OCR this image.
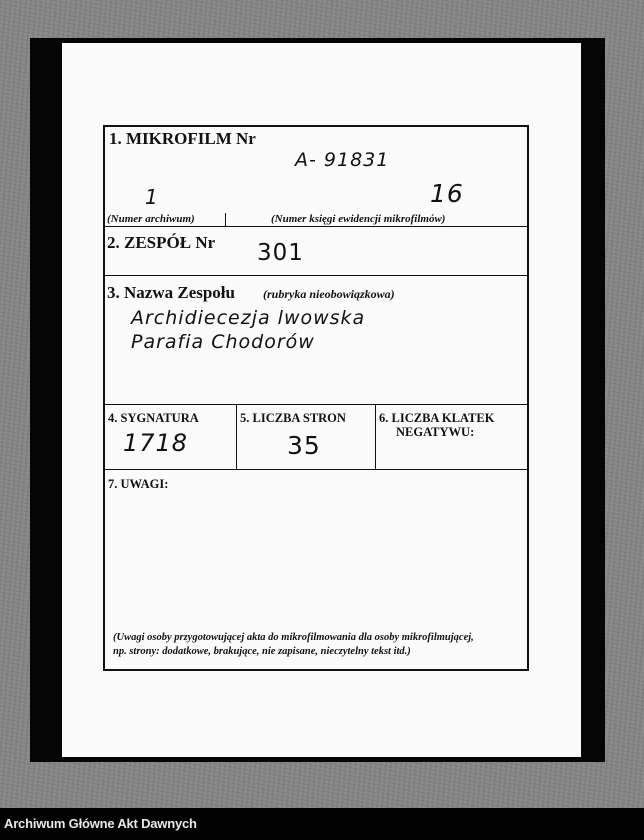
1. MIKROFILM Nr
A- 91831
1	16
(Numer archiwum)	(Numer księgi ewidencji mikrofilmów)
2. ZESPÓŁ Nr 301
3. Nazwa Zespołu (rubryka nieobowiązkowa)
Archidiecezja lwowska
Parafia Chodorów
4. SYGNATURA
1718
5. LICZBA STRON
35
6. LICZBA KLATEK
NEGATYWU:
7. UWAGI:
(Uwagi osoby przygotowującej akta do mikrofilmowania dla osoby mikrofilmującej,
np. strony: dodatkowe, brakujące, nie zapisane, nieczytelny tekst itd.)
Archiwum Główne Akt Dawnych
